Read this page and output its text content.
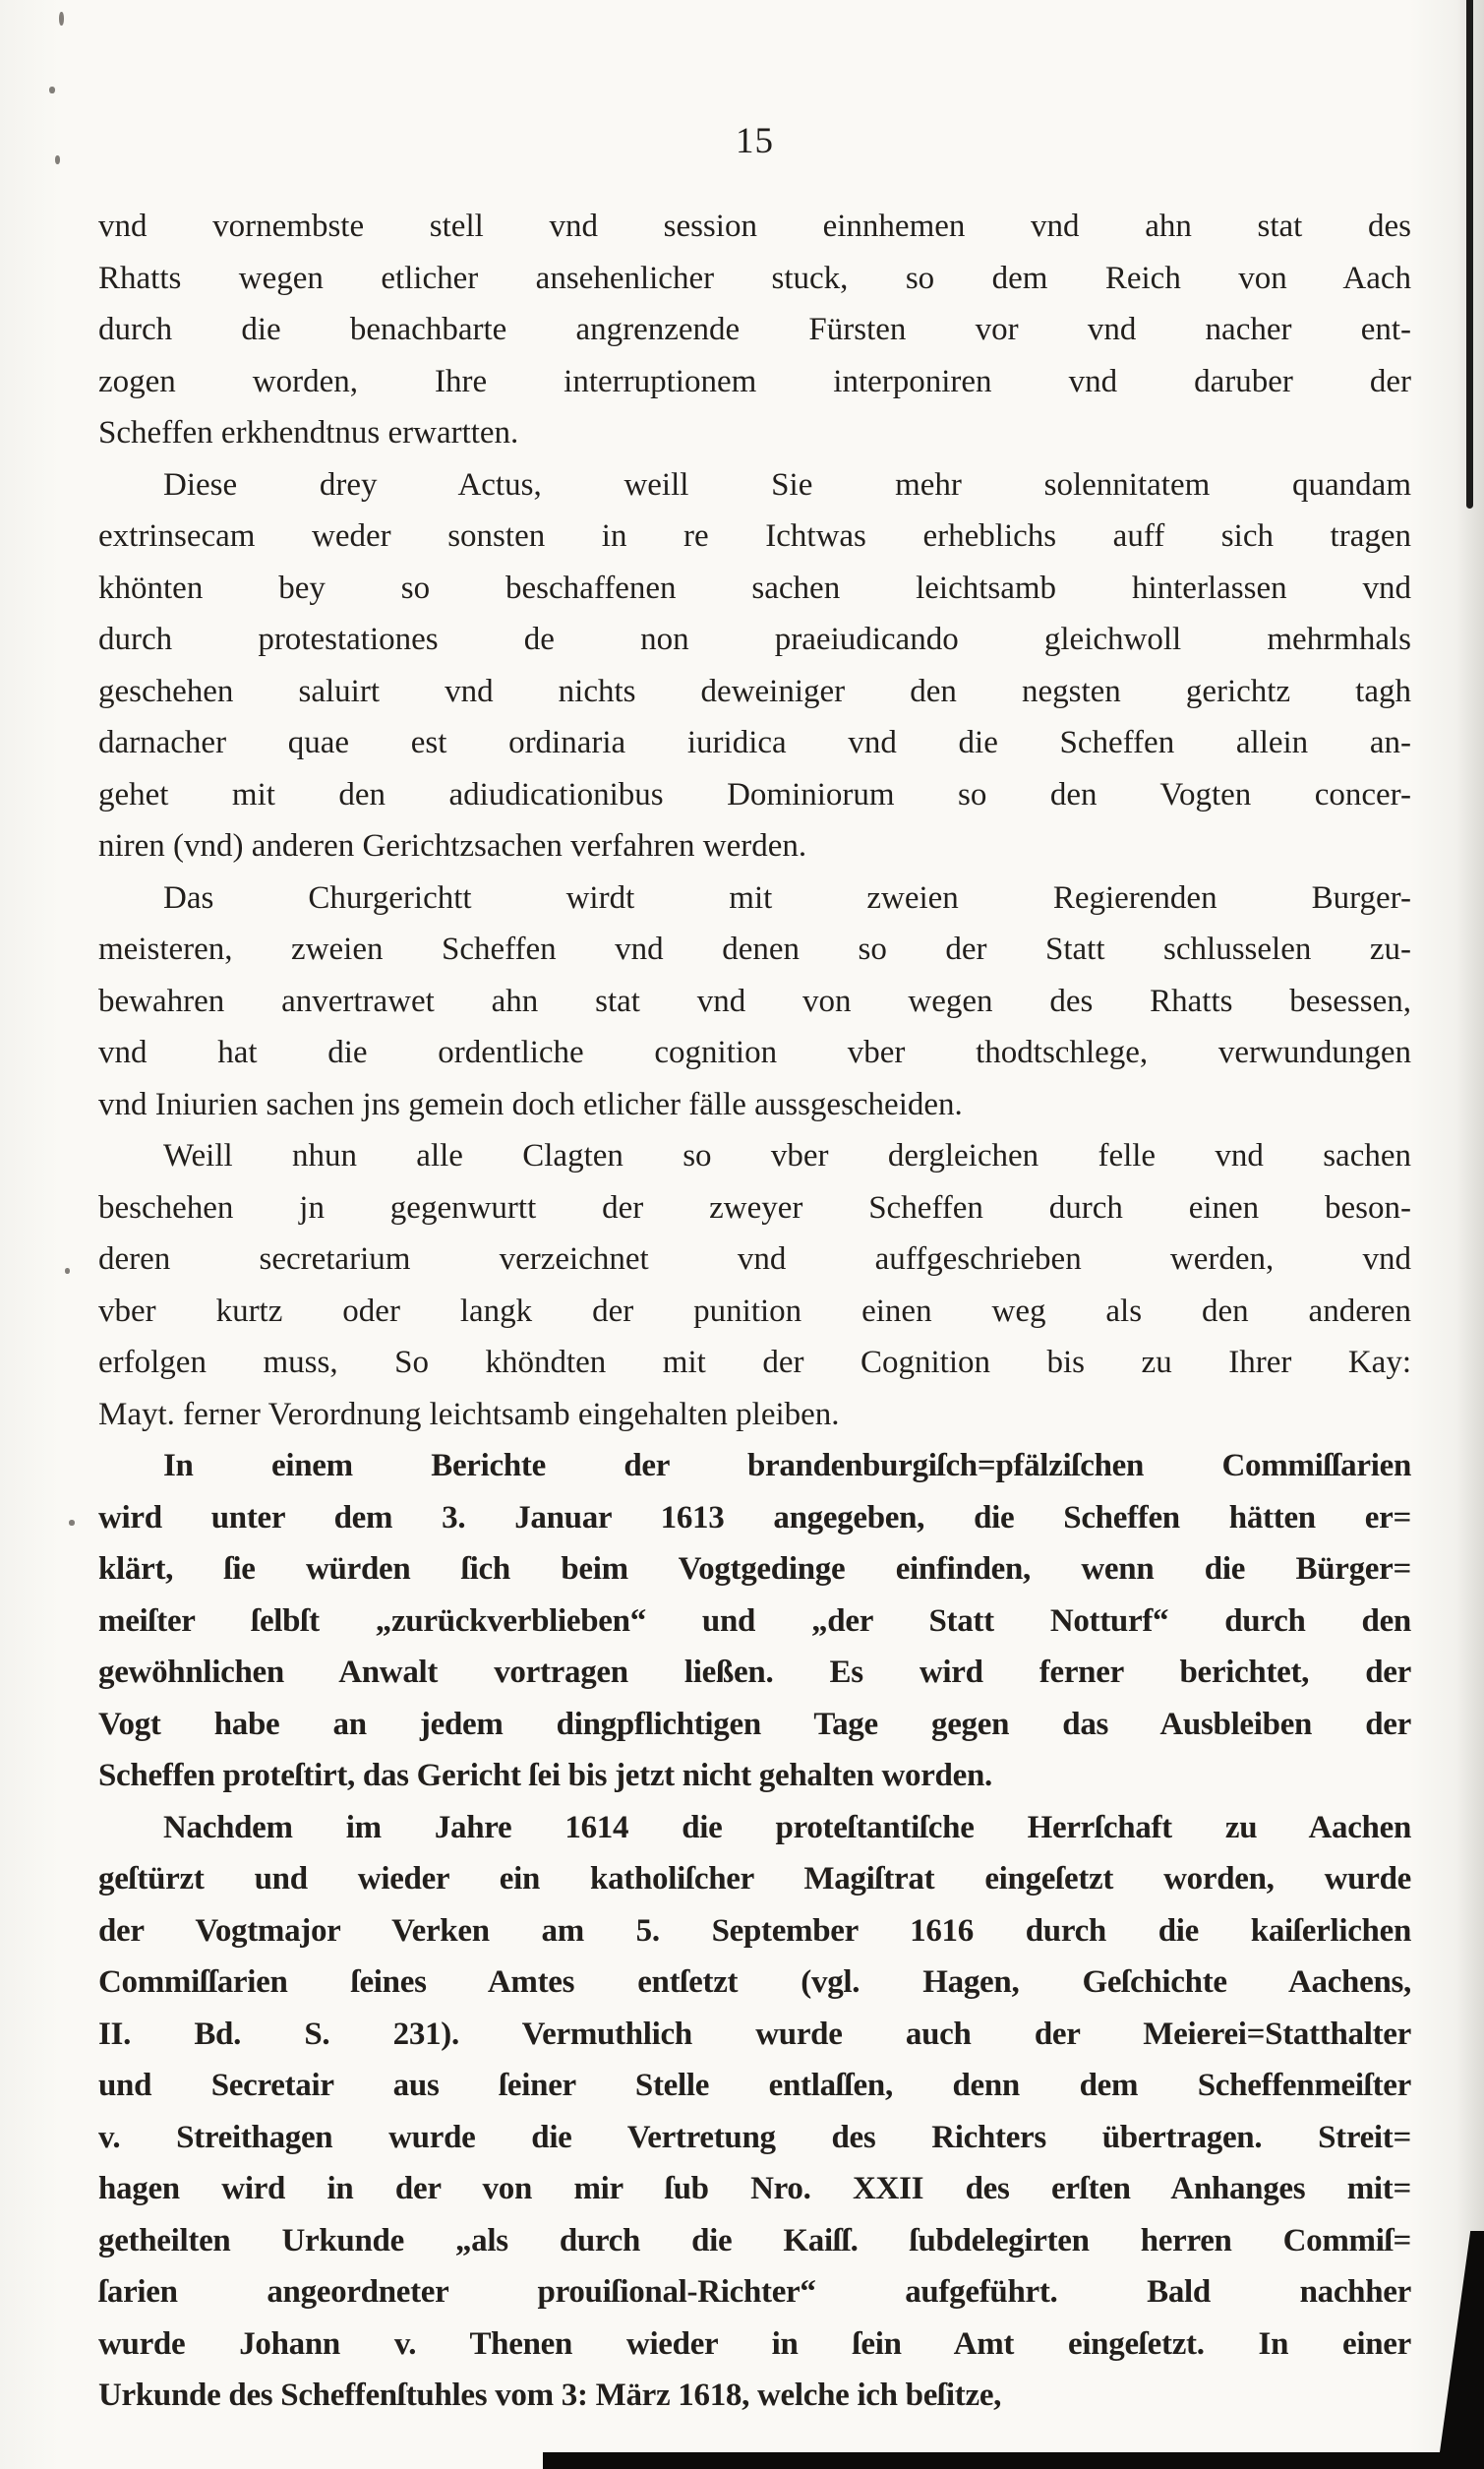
15
vnd vornembste stell vnd session einnhemen vnd ahn stat des
Rhatts wegen etlicher ansehenlicher stuck, so dem Reich von Aach
durch die benachbarte angrenzende Fürsten vor vnd nacher ent-
zogen worden, Ihre interruptionem interponiren vnd daruber der
Scheffen erkhendtnus erwartten.
Diese drey Actus, weill Sie mehr solennitatem quandam
extrinsecam weder sonsten in re Ichtwas erheblichs auff sich tragen
khönten bey so beschaffenen sachen leichtsamb hinterlassen vnd
durch protestationes de non praeiudicando gleichwoll mehrmhals
geschehen saluirt vnd nichts deweiniger den negsten gerichtz tagh
darnacher quae est ordinaria iuridica vnd die Scheffen allein an-
gehet mit den adiudicationibus Dominiorum so den Vogten concer-
niren (vnd) anderen Gerichtzsachen verfahren werden.
Das Churgerichtt wirdt mit zweien Regierenden Burger-
meisteren, zweien Scheffen vnd denen so der Statt schlusselen zu-
bewahren anvertrawet ahn stat vnd von wegen des Rhatts besessen,
vnd hat die ordentliche cognition vber thodtschlege, verwundungen
vnd Iniurien sachen jns gemein doch etlicher fälle aussgescheiden.
Weill nhun alle Clagten so vber dergleichen felle vnd sachen
beschehen jn gegenwurtt der zweyer Scheffen durch einen beson-
deren secretarium verzeichnet vnd auffgeschrieben werden, vnd
vber kurtz oder langk der punition einen weg als den anderen
erfolgen muss, So khöndten mit der Cognition bis zu Ihrer Kay:
Mayt. ferner Verordnung leichtsamb eingehalten pleiben.
In einem Berichte der brandenburgiſch=pfälziſchen Commiſſarien
wird unter dem 3. Januar 1613 angegeben, die Scheffen hätten er=
klärt, ſie würden ſich beim Vogtgedinge einfinden, wenn die Bürger=
meiſter ſelbſt „zurückverblieben“ und „der Statt Notturf“ durch den
gewöhnlichen Anwalt vortragen ließen. Es wird ferner berichtet, der
Vogt habe an jedem dingpflichtigen Tage gegen das Ausbleiben der
Scheffen proteſtirt, das Gericht ſei bis jetzt nicht gehalten worden.
Nachdem im Jahre 1614 die proteſtantiſche Herrſchaft zu Aachen
geſtürzt und wieder ein katholiſcher Magiſtrat eingeſetzt worden, wurde
der Vogtmajor Verken am 5. September 1616 durch die kaiſerlichen
Commiſſarien ſeines Amtes entſetzt (vgl. Hagen, Geſchichte Aachens,
II. Bd. S. 231). Vermuthlich wurde auch der Meierei=Statthalter
und Secretair aus ſeiner Stelle entlaſſen, denn dem Scheffenmeiſter
v. Streithagen wurde die Vertretung des Richters übertragen. Streit=
hagen wird in der von mir ſub Nro. XXII des erſten Anhanges mit=
getheilten Urkunde „als durch die Kaiſſ. ſubdelegirten herren Commiſ=
ſarien angeordneter prouiſional-Richter“ aufgeführt. Bald nachher
wurde Johann v. Thenen wieder in ſein Amt eingeſetzt. In einer
Urkunde des Scheffenſtuhles vom 3: März 1618, welche ich beſitze,
